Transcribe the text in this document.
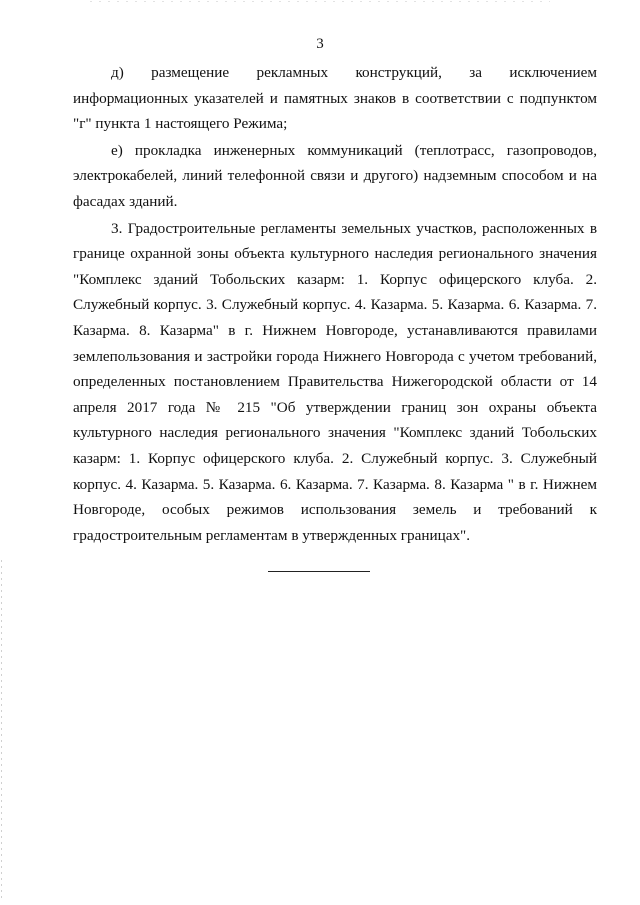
3

д) размещение рекламных конструкций, за исключением информационных указателей и памятных знаков в соответствии с подпунктом "г" пункта 1 настоящего Режима;

е) прокладка инженерных коммуникаций (теплотрасс, газопроводов, электрокабелей, линий телефонной связи и другого) надземным способом и на фасадах зданий.

3. Градостроительные регламенты земельных участков, расположенных в границе охранной зоны объекта культурного наследия регионального значения "Комплекс зданий Тобольских казарм: 1. Корпус офицерского клуба. 2. Служебный корпус. 3. Служебный корпус. 4. Казарма. 5. Казарма. 6. Казарма. 7. Казарма. 8. Казарма" в г. Нижнем Новгороде, устанавливаются правилами землепользования и застройки города Нижнего Новгорода с учетом требований, определенных постановлением Правительства Нижегородской области от 14 апреля 2017 года № 215 "Об утверждении границ зон охраны объекта культурного наследия регионального значения "Комплекс зданий Тобольских казарм: 1. Корпус офицерского клуба. 2. Служебный корпус. 3. Служебный корпус. 4. Казарма. 5. Казарма. 6. Казарма. 7. Казарма. 8. Казарма " в г. Нижнем Новгороде, особых режимов использования земель и требований к градостроительным регламентам в утвержденных границах".
